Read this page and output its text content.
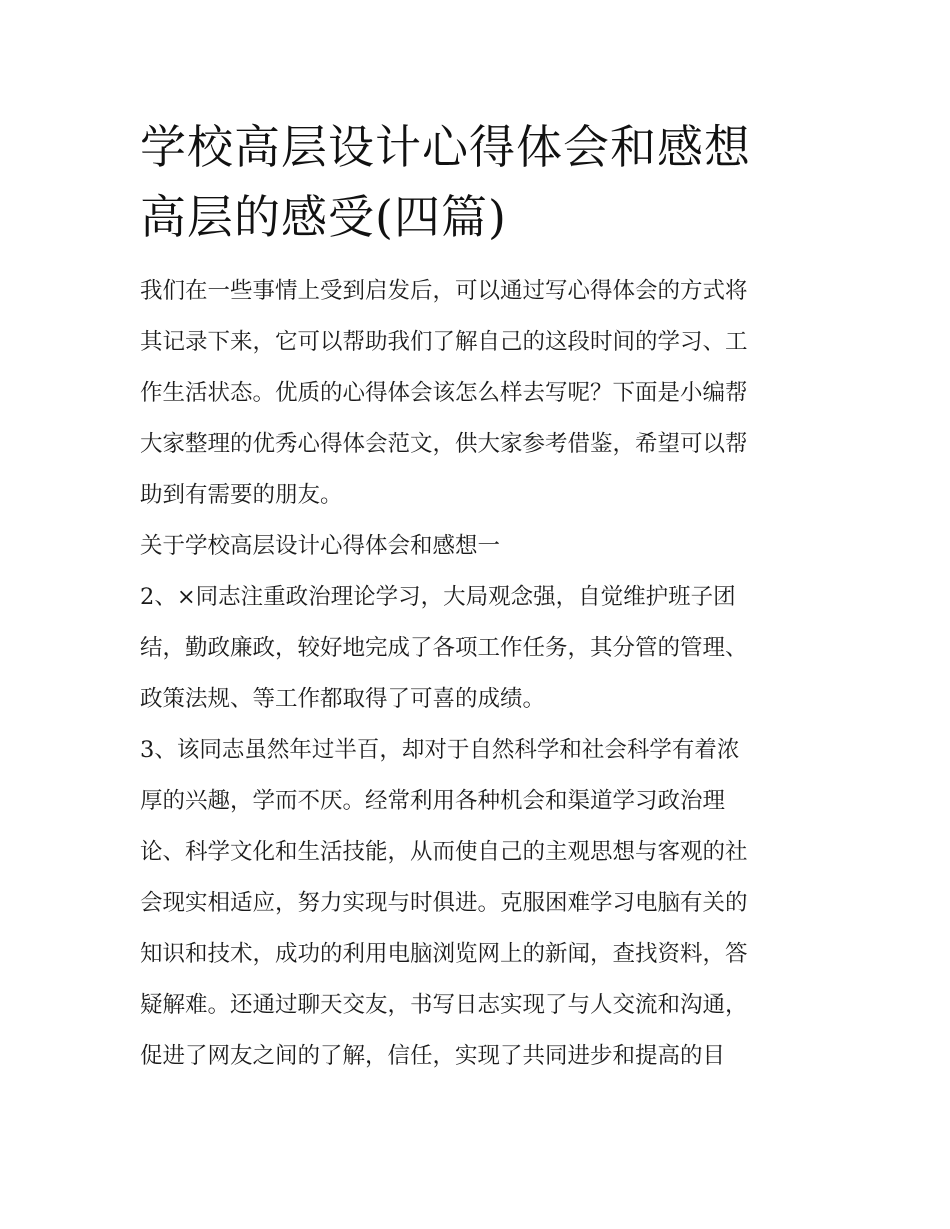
学校高层设计心得体会和感想
高层的感受(四篇)

我们在一些事情上受到启发后，可以通过写心得体会的方式将
其记录下来，它可以帮助我们了解自己的这段时间的学习、工
作生活状态。优质的心得体会该怎么样去写呢？下面是小编帮
大家整理的优秀心得体会范文，供大家参考借鉴，希望可以帮
助到有需要的朋友。

关于学校高层设计心得体会和感想一

2、×同志注重政治理论学习，大局观念强，自觉维护班子团
结，勤政廉政，较好地完成了各项工作任务，其分管的管理、
政策法规、等工作都取得了可喜的成绩。

3、该同志虽然年过半百，却对于自然科学和社会科学有着浓
厚的兴趣，学而不厌。经常利用各种机会和渠道学习政治理
论、科学文化和生活技能，从而使自己的主观思想与客观的社
会现实相适应，努力实现与时俱进。克服困难学习电脑有关的
知识和技术，成功的利用电脑浏览网上的新闻，查找资料，答
疑解难。还通过聊天交友，书写日志实现了与人交流和沟通，
促进了网友之间的了解，信任，实现了共同进步和提高的目
